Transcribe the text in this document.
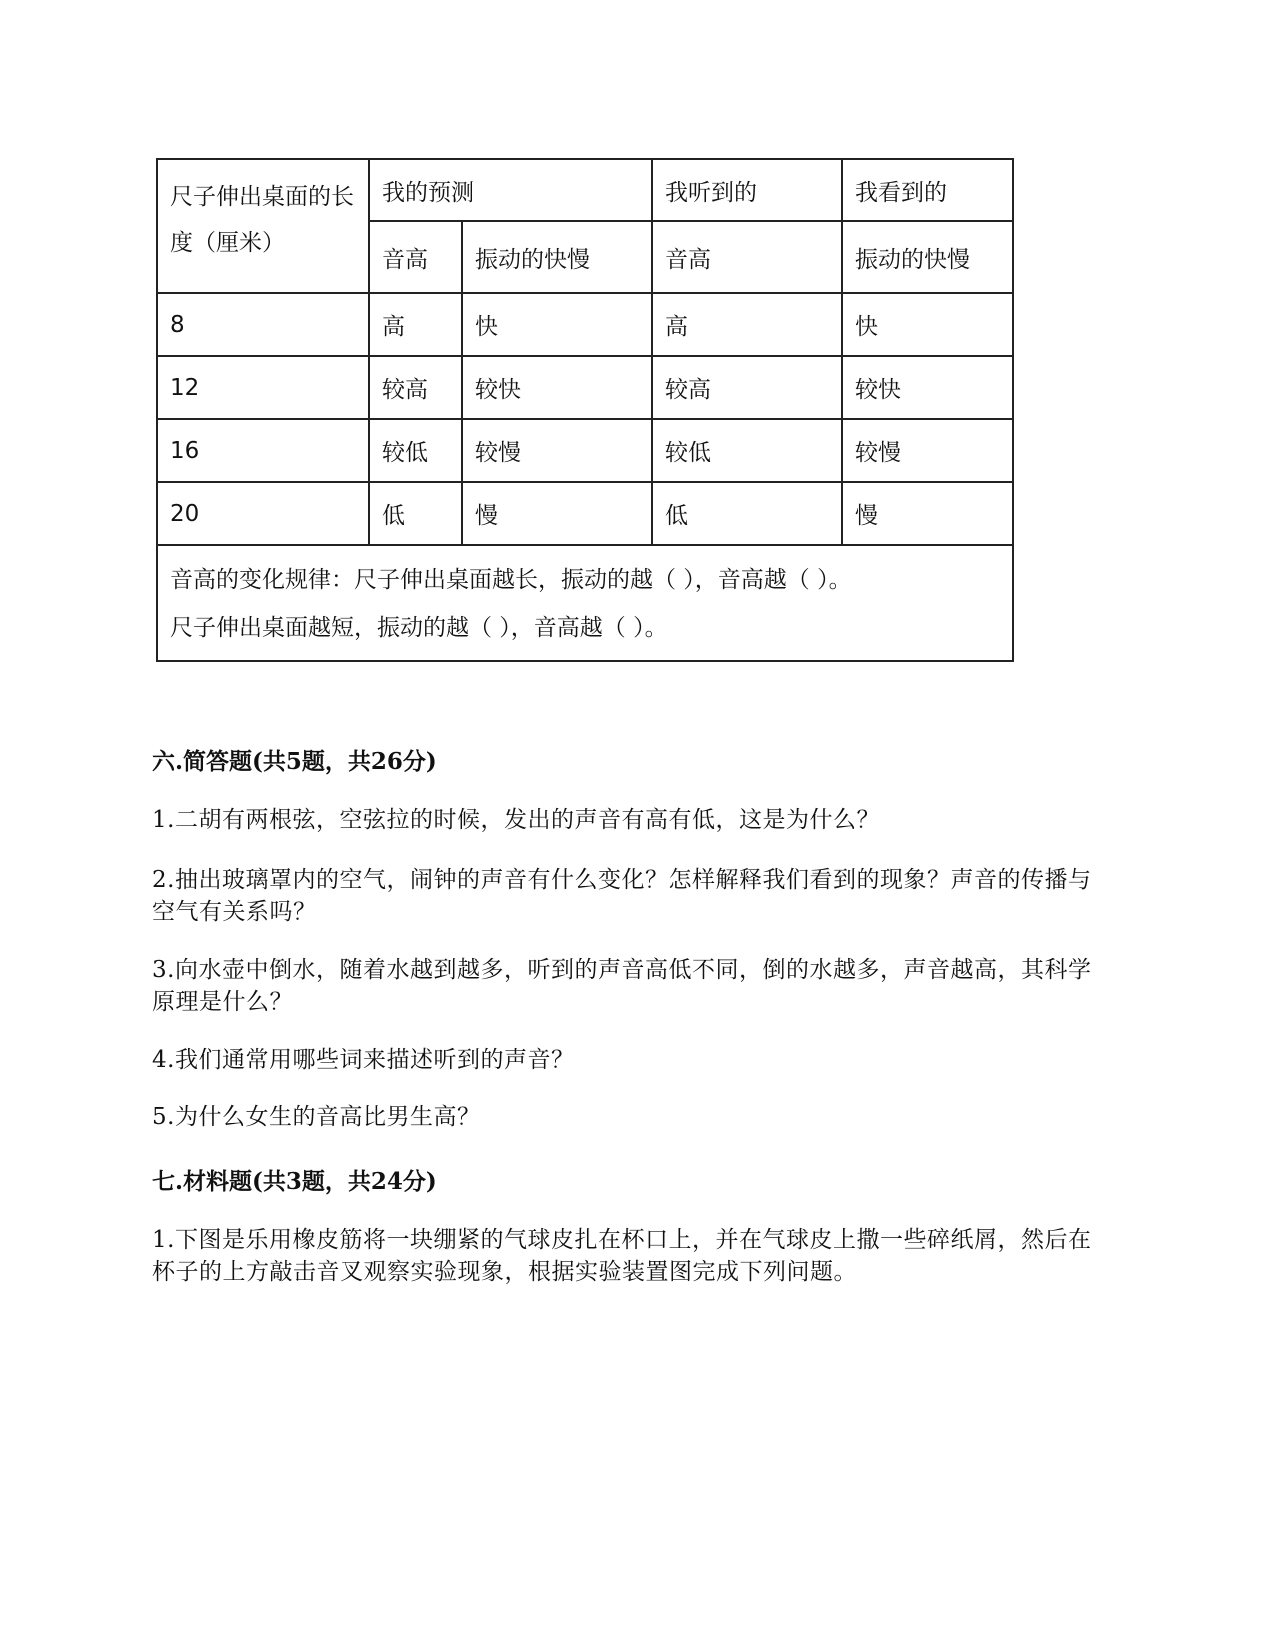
尺子伸出桌面的长度（厘米）	我的预测		我听到的	我看到的
	音高	振动的快慢	音高	振动的快慢
8	高	快	高	快
12	较高	较快	较高	较快
16	较低	较慢	较低	较慢
20	低	慢	低	慢

音高的变化规律：尺子伸出桌面越长，振动的越（ ），音高越（ ）。
尺子伸出桌面越短，振动的越（ ），音高越（ ）。				
六.简答题(共5题，共26分)
1.二胡有两根弦，空弦拉的时候，发出的声音有高有低，这是为什么？
2.抽出玻璃罩内的空气，闹钟的声音有什么变化？怎样解释我们看到的现象？声音的传播与空气有关系吗？
3.向水壶中倒水，随着水越到越多，听到的声音高低不同，倒的水越多，声音越高，其科学原理是什么？
4.我们通常用哪些词来描述听到的声音？
5.为什么女生的音高比男生高？
七.材料题(共3题，共24分)
1.下图是乐用橡皮筋将一块绷紧的气球皮扎在杯口上，并在气球皮上撒一些碎纸屑，然后在杯子的上方敲击音叉观察实验现象，根据实验装置图完成下列问题。
